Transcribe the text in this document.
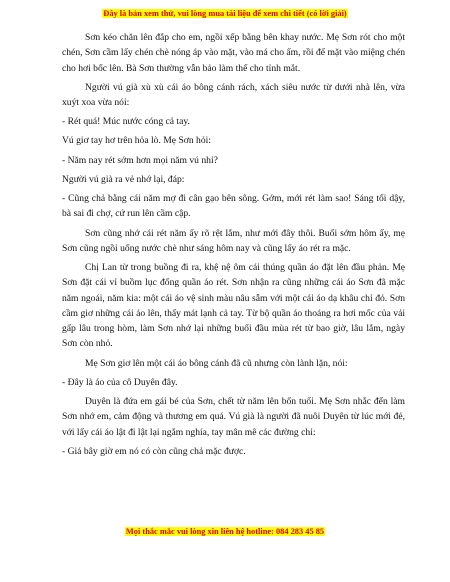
Đây là bản xem thử, vui lòng mua tài liệu để xem chi tiết (có lời giải)

Sơn kéo chăn lên đắp cho em, ngồi xếp bằng bên khay nước. Mẹ Sơn rót cho một chén, Sơn cầm lấy chén chè nóng áp vào mặt, vào má cho ấm, rồi để mặt vào miệng chén cho hơi bốc lên. Bà Sơn thường vẫn bảo làm thế cho tỉnh mắt.

Người vú già xù xù cái áo bông cánh rách, xách siêu nước từ dưới nhà lên, vừa xuýt xoa vừa nói:

- Rét quá! Múc nước cóng cả tay.

Vú giơ tay hơ trên hỏa lò. Mẹ Sơn hỏi:

- Năm nay rét sớm hơn mọi năm vú nhỉ?

Người vú già ra vẻ nhớ lại, đáp:

- Cũng chả bằng cái năm mợ đi cân gạo bên sông. Gớm, mới rét làm sao! Sáng tối dậy, bà sai đi chợ, cứ run lên cầm cập.

Sơn cũng nhớ cái rét năm ấy rõ rệt lắm, như mới đây thôi. Buổi sớm hôm ấy, mẹ Sơn cũng ngồi uống nước chè như sáng hôm nay và cũng lấy áo rét ra mặc.

Chị Lan từ trong buồng đi ra, khệ nệ ôm cái thúng quần áo đặt lên đầu phản. Mẹ Sơn đặt cái vỉ buồm lục đống quần áo rét. Sơn nhận ra cũng những cái áo Sơn đã mặc năm ngoái, năm kia: một cái áo vệ sinh màu nâu sẫm với một cái áo dạ khâu chỉ đỏ. Sơn cầm giơ những cái áo lên, thấy mát lạnh cả tay. Từ bộ quần áo thoáng ra hơi mốc của vải gấp lâu trong hòm, làm Sơn nhớ lại những buổi đầu mùa rét từ bao giờ, lâu lắm, ngày Sơn còn nhỏ.

Mẹ Sơn giơ lên một cái áo bông cánh đã cũ nhưng còn lành lặn, nói:

- Đây là áo của cô Duyên đây.

Duyên là đứa em gái bé của Sơn, chết từ năm lên bốn tuổi. Mẹ Sơn nhắc đến làm Sơn nhớ em, cảm động và thương em quá. Vú già là người đã nuôi Duyên từ lúc mới đẻ, với lấy cái áo lật đi lật lại ngắm nghía, tay mân mê các đường chỉ:

- Giá bây giờ em nó có còn cũng chả mặc được.

Mọi thắc mắc vui lòng xin liên hệ hotline: 084 283 45 85
